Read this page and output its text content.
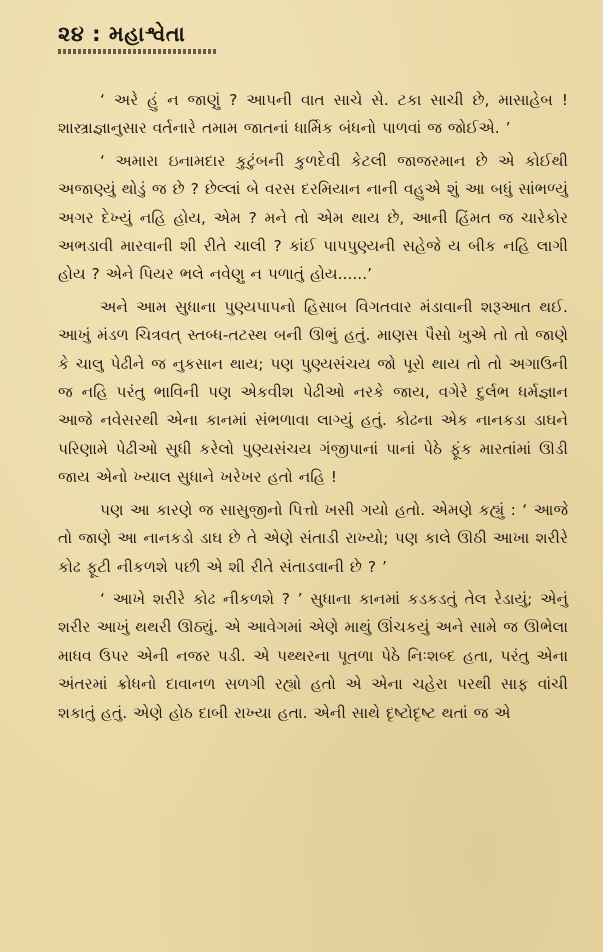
૨૪ : મહાશ્વેતા

‘ અરે હું ન જાણું ? આપની વાત સાચે સે. ટકા સાચી છે, માસાહેબ ! શાસ્ત્રાજ્ઞાનુસાર વર્તનારે તમામ જાતનાં ધાર્મિક બંધનો પાળવાં જ જોઈએ. ’

‘ અમારા ઇનામદાર કુટુંબની કુળદેવી કેટલી જાજરમાન છે એ કોઈથી અજાણ્યું થોડું જ છે ? છેલ્લાં બે વરસ દરમિયાન નાની વહુએ શું આ બધું સાંભળ્યું અગર દેખ્યું નહિ હોય, એમ ? મને તો એમ થાય છે, આની હિંમત જ ચારેકોર અભડાવી મારવાની શી રીતે ચાલી ? કાંઈ પાપપુણ્યની સહેજે ય બીક નહિ લાગી હોય ? એને પિયર ભલે નવેણુ ન પળાતું હોય......’

અને આમ સુધાના પુણ્યપાપનો હિસાબ વિગતવાર મંડાવાની શરૂઆત થઈ. આખું મંડળ ચિત્રવત્ સ્તબ્ધ-તટસ્થ બની ઊભું હતું. માણસ પૈસો ખુએ તો તો જાણે કે ચાલુ પેઢીને જ નુકસાન થાય; પણ પુણ્યસંચય જો પૂરો થાય તો તો અગાઉની જ નહિ પરંતુ ભાવિની પણ એકવીશ પેઢીઓ નરકે જાય, વગેરે દુર્લભ ધર્મજ્ઞાન આજે નવેસરથી એના કાનમાં સંભળાવા લાગ્યું હતું. કોઢના એક નાનકડા ડાઘને પરિણામે પેઢીઓ સુધી કરેલો પુણ્યસંચય ગંજીપાનાં પાનાં પેઠે ફૂંક મારતાંમાં ઊડી જાય એનો ખ્યાલ સુધાને ખરેખર હતો નહિ !

પણ આ કારણે જ સાસુજીનો પિત્તો ખસી ગયો હતો. એમણે કહ્યું : ‘ આજે તો જાણે આ નાનકડો ડાઘ છે તે એણે સંતાડી રાખ્યો; પણ કાલે ઊઠી આખા શરીરે કોઢ ફૂટી નીકળશે પછી એ શી રીતે સંતાડવાની છે ? ’

‘ આખે શરીરે કોઢ નીકળશે ? ’ સુધાના કાનમાં કડકડતું તેલ રેડાયું; એનું શરીર આખું થથરી ઊઠ્યું. એ આવેગમાં એણે માથું ઊંચકયું અને સામે જ ઊભેલા માધવ ઉપર એની નજર પડી. એ પથ્થરના પૂતળા પેઠે નિઃશબ્દ હતા, પરંતુ એના અંતરમાં ક્રોધનો દાવાનળ સળગી રહ્યો હતો એ એના ચહેરા પરથી સાફ વાંચી શકાતું હતું. એણે હોઠ દાબી રાખ્યા હતા. એની સાથે દૃષ્ટોદૃષ્ટ થતાં જ એ
